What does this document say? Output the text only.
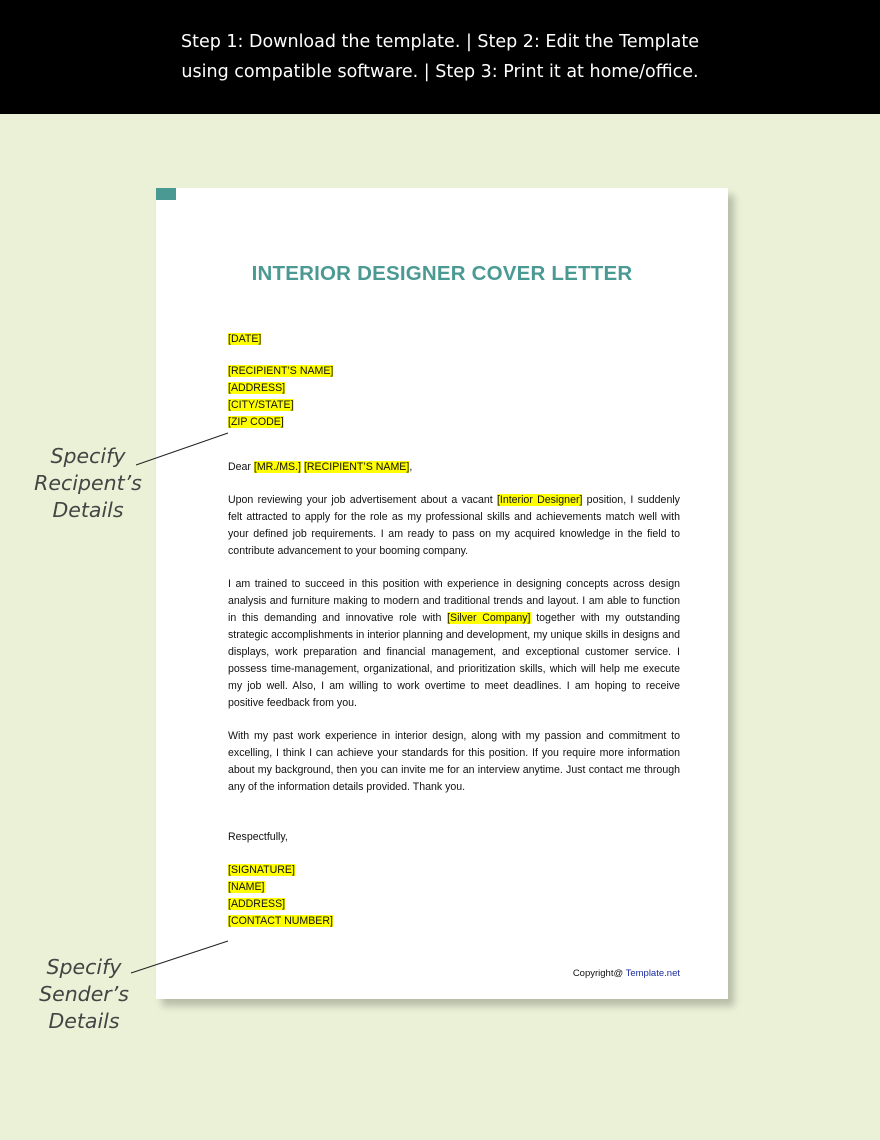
Step 1: Download the template. | Step 2: Edit the Template
using compatible software. | Step 3: Print it at home/office.
INTERIOR DESIGNER COVER LETTER
[DATE]
[RECIPIENT’S NAME]
[ADDRESS]
[CITY/STATE]
[ZIP CODE]
Dear [MR./MS.] [RECIPIENT’S NAME],

Upon reviewing your job advertisement about a vacant [Interior Designer] position, I suddenly felt attracted to apply for the role as my professional skills and achievements match well with your defined job requirements. I am ready to pass on my acquired knowledge in the field to contribute advancement to your booming company.

I am trained to succeed in this position with experience in designing concepts across design analysis and furniture making to modern and traditional trends and layout. I am able to function in this demanding and innovative role with [Silver Company] together with my outstanding strategic accomplishments in interior planning and development, my unique skills in designs and displays, work preparation and financial management, and exceptional customer service. I possess time-management, organizational, and prioritization skills, which will help me execute my job well. Also, I am willing to work overtime to meet deadlines. I am hoping to receive positive feedback from you.

With my past work experience in interior design, along with my passion and commitment to excelling, I think I can achieve your standards for this position. If you require more information about my background, then you can invite me for an interview anytime. Just contact me through any of the information details provided. Thank you.

Respectfully,
[SIGNATURE]
[NAME]
[ADDRESS]
[CONTACT NUMBER]
Copyright@ Template.net
Specify
Recipent’s
Details
Specify
Sender’s
Details
